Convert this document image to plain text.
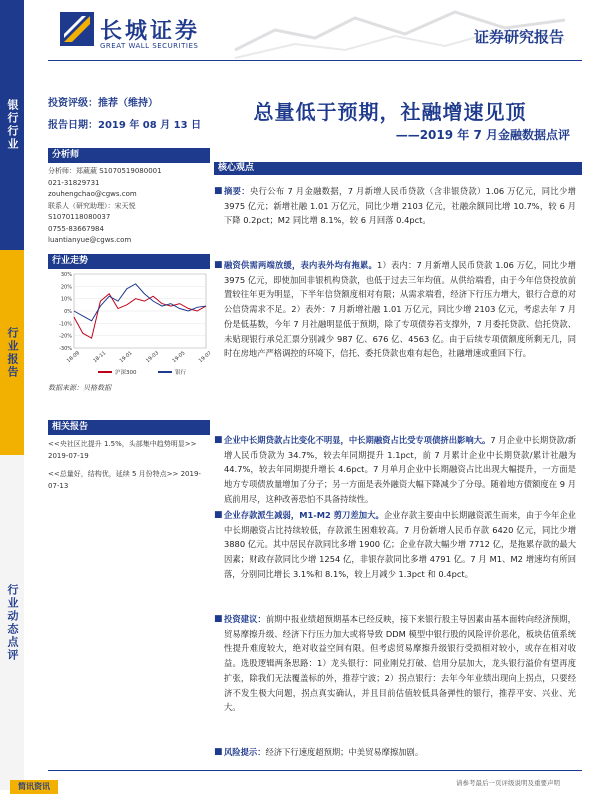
银行行业
行业报告
行业动态点评
长城证券
GREAT WALL SECURITIES	证券研究报告
投资评级：推荐（维持）
报告日期：2019 年 08 月 13 日
总量低于预期，社融增速见顶
——2019 年 7 月金融数据点评
分析师
分析师：郑葳葳 S1070519080001
021-31829731
zouhengchao@cgws.com
联系人（研究助理）：宋天悦
S1070118080037
0755-83667984
luantianyue@cgws.com
行业走势
30%
20%
10%
0%
-10%
-20%
-30%
18-09 18-11 19-01 19-03 19-05 19-07
沪深300	银行
数据来源：贝格数据
相关报告
<<央社区比提升 1.5%，头部集中趋势明显>> 2019-07-19
<<总量好，结构优，延续 5 月份特点>> 2019-07-13
核心观点
■ 摘要：央行公布 7 月金融数据，7 月新增人民币贷款（含非银贷款）1.06 万亿元，同比少增 3975 亿元；新增社融 1.01 万亿元，同比少增 2103 亿元，社融余额同比增 10.7%，较 6 月下降 0.2pct；M2 同比增 8.1%，较 6 月回落 0.4pct。
■ 融资供需两端放缓，表内表外均有拖累。1）表内：7 月新增人民币贷款 1.06 万亿，同比少增 3975 亿元，即使加回非银机构贷款，也低于过去三年均值。从供给端看，由于今年信贷投放前置较往年更为明显，下半年信贷额度相对有限；从需求端看，经济下行压力增大，银行合意的对公信贷需求不足。2）表外：7 月新增社融 1.01 万亿元，同比少增 2103 亿元，考虑去年 7 月份是低基数，今年 7 月社融明显低于预期，除了专项债券若支撑外，7 月委托贷款、信托贷款、未贴现银行承兑汇票分别减少 987 亿、676 亿、4563 亿。由于后续专项债额度所剩无几，同时在房地产严格调控的环境下，信托、委托贷款也难有起色，社融增速或重回下行。
■ 企业中长期贷款占比变化不明显，中长期融资占比受专项债挤出影响大。7 月企业中长期贷款/新增人民币贷款为 34.7%，较去年同期提升 1.1pct，前 7 月累计企业中长期贷款/累计社融为 44.7%，较去年同期提升增长 4.6pct。7 月单月企业中长期融资占比出现大幅提升，一方面是地方专项债放量增加了分子；另一方面是表外融资大幅下降减少了分母。随着地方债额度在 9 月底前用尽，这种改善恐怕不具备持续性。
■ 企业存款派生减弱，M1-M2 剪刀差加大。企业存款主要由中长期融资派生而来，由于今年企业中长期融资占比持续较低，存款派生困难较高。7 月份新增人民币存款 6420 亿元，同比少增 3880 亿元。其中居民存款同比多增 1900 亿；企业存款大幅少增 7712 亿，是拖累存款的最大因素；财政存款同比少增 1254 亿，非银存款同比多增 4791 亿。7 月 M1、M2 增速均有所回落，分别同比增长 3.1%和 8.1%，较上月减少 1.3pct 和 0.4pct。
■ 投资建议：前期中报业绩超预期基本已经反映，接下来银行股主导因素由基本面转向经济预期，贸易摩擦升级、经济下行压力加大或将导致 DDM 模型中银行股的风险评价恶化，板块估值系统性提升难度较大，绝对收益空间有限。但考虑贸易摩擦升级银行受损相对较小，或存在相对收益。选股逻辑两条思路：1）龙头银行：同业刚兑打破、信用分层加大，龙头银行溢价有望再度扩张，除我们无法覆盖标的外，推荐宁波；2）拐点银行：去年今年业绩出现向上拐点，只要经济不发生极大问题，拐点真实确认，并且目前估值较低具备弹性的银行，推荐平安、兴业、光大。
■ 风险提示：经济下行速度超预期；中美贸易摩擦加剧。
简讯资讯	请参考最后一页评级说明及重要声明
